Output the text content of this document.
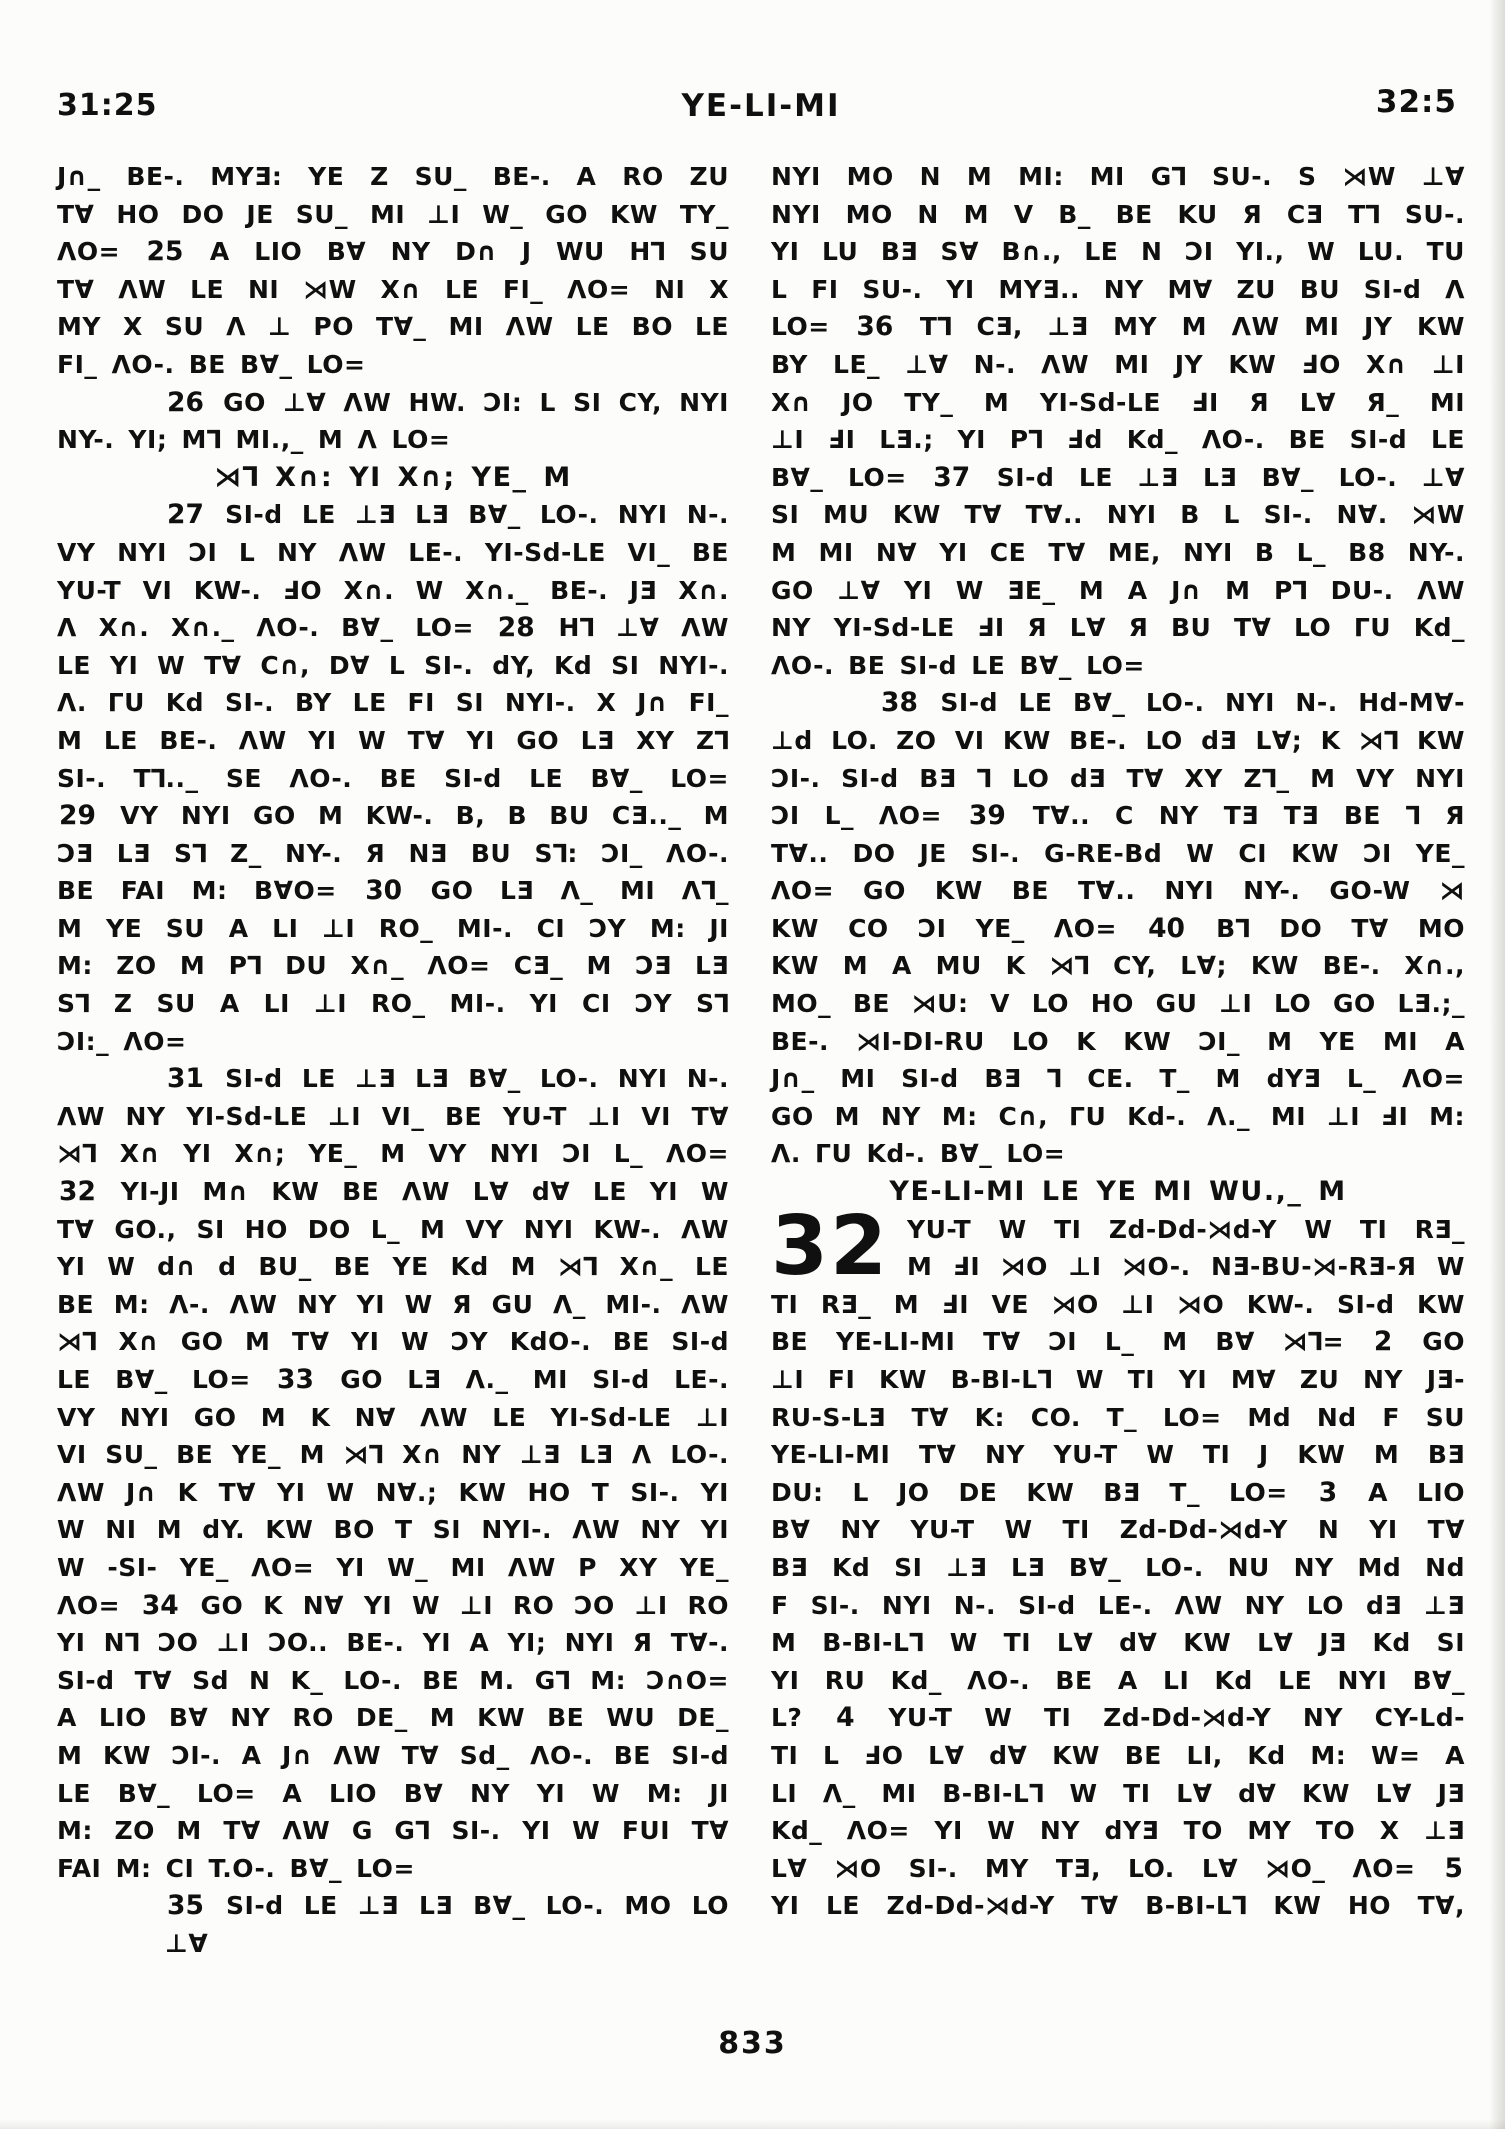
31:25	YE-LI-MI	32:5
J∩_ BE-. MYƎ: YE Z SU_ BE-. A RO ZU
T∀ HO DO JE SU_ MI ⊥I W_ GO KW TY_
ΛO= 25 A LIO B∀ NY D∩ J WU H⅂ SU
T∀ ΛW LE NI ⋊W X∩ LE FI_ ΛO= NI X
MY X SU Λ ⊥ PO T∀_ MI ΛW LE BO LE
FI_ ΛO-. BE B∀_ LO=
26 GO ⊥∀ ΛW HW. ƆI: L SI CY, NYI
NY-. YI; M⅂ MI.,_ M Λ LO=
⋊⅂ X∩: YI X∩; YE_ M
27 SI-d LE ⊥Ǝ LƎ B∀_ LO-. NYI N-.
VY NYI ƆI L NY ΛW LE-. YI-Sd-LE VI_ BE
YU-T VI KW-. ℲO X∩. W X∩._ BE-. JƎ X∩.
Λ X∩. X∩._ ΛO-. B∀_ LO= 28 H⅂ ⊥∀ ΛW
LE YI W T∀ C∩, D∀ L SI-. dY, Kd SI NYI-.
Λ. ΓU Kd SI-. BY LE FI SI NYI-. X J∩ FI_
M LE BE-. ΛW YI W T∀ YI GO LƎ XY Z⅂
SI-. T⅂.._ SE ΛO-. BE SI-d LE B∀_ LO=
29 VY NYI GO M KW-. B, B BU CƎ.._ M
ƆƎ LƎ S⅂ Z_ NY-. Я NƎ BU S⅂: ƆI_ ΛO-.
BE FAI M: B∀O= 30 GO LƎ Λ_ MI Λ⅂_
M YE SU A LI ⊥I RO_ MI-. CI ƆY M: JI
M: ZO M P⅂ DU X∩_ ΛO= CƎ_ M ƆƎ LƎ
S⅂ Z SU A LI ⊥I RO_ MI-. YI CI ƆY S⅂
ƆI:_ ΛO=
31 SI-d LE ⊥Ǝ LƎ B∀_ LO-. NYI N-.
ΛW NY YI-Sd-LE ⊥I VI_ BE YU-T ⊥I VI T∀
⋊⅂ X∩ YI X∩; YE_ M VY NYI ƆI L_ ΛO=
32 YI-JI M∩ KW BE ΛW L∀ d∀ LE YI W
T∀ GO., SI HO DO L_ M VY NYI KW-. ΛW
YI W d∩ d BU_ BE YE Kd M ⋊⅂ X∩_ LE
BE M: Λ-. ΛW NY YI W Я GU Λ_ MI-. ΛW
⋊⅂ X∩ GO M T∀ YI W ƆY KdO-. BE SI-d
LE B∀_ LO= 33 GO LƎ Λ._ MI SI-d LE-.
VY NYI GO M K N∀ ΛW LE YI-Sd-LE ⊥I
VI SU_ BE YE_ M ⋊⅂ X∩ NY ⊥Ǝ LƎ Λ LO-.
ΛW J∩ K T∀ YI W N∀.; KW HO T SI-. YI
W NI M dY. KW BO T SI NYI-. ΛW NY YI
W -SI- YE_ ΛO= YI W_ MI ΛW P XY YE_
ΛO= 34 GO K N∀ YI W ⊥I RO ƆO ⊥I RO
YI N⅂ ƆO ⊥I ƆO.. BE-. YI A YI; NYI Я T∀-.
SI-d T∀ Sd N K_ LO-. BE M. G⅂ M: Ɔ∩O=
A LIO B∀ NY RO DE_ M KW BE WU DE_
M KW ƆI-. A J∩ ΛW T∀ Sd_ ΛO-. BE SI-d
LE B∀_ LO= A LIO B∀ NY YI W M: JI
M: ZO M T∀ ΛW G G⅂ SI-. YI W FUI T∀
FAI M: CI T.O-. B∀_ LO=
35 SI-d LE ⊥Ǝ LƎ B∀_ LO-. MO LO ⊥∀
NYI MO N M MI: MI G⅂ SU-. S ⋊W ⊥∀
NYI MO N M V B_ BE KU Я CƎ T⅂ SU-.
YI LU BƎ S∀ B∩., LE N ƆI YI., W LU. TU
L FI SU-. YI MYƎ.. NY M∀ ZU BU SI-d Λ
LO= 36 T⅂ CƎ, ⊥Ǝ MY M ΛW MI JY KW
BY LE_ ⊥∀ N-. ΛW MI JY KW ℲO X∩ ⊥I
X∩ JO TY_ M YI-Sd-LE ℲI Я L∀ Я_ MI
⊥I ℲI LƎ.; YI P⅂ Ⅎd Kd_ ΛO-. BE SI-d LE
B∀_ LO= 37 SI-d LE ⊥Ǝ LƎ B∀_ LO-. ⊥∀
SI MU KW T∀ T∀.. NYI B L SI-. N∀. ⋊W
M MI N∀ YI CE T∀ ME, NYI B L_ B8 NY-.
GO ⊥∀ YI W ƎE_ M A J∩ M P⅂ DU-. ΛW
NY YI-Sd-LE ℲI Я L∀ Я BU T∀ LO ΓU Kd_
ΛO-. BE SI-d LE B∀_ LO=
38 SI-d LE B∀_ LO-. NYI N-. Hd-M∀-
⊥d LO. ZO VI KW BE-. LO dƎ L∀; K ⋊⅂ KW
ƆI-. SI-d BƎ ⅂ LO dƎ T∀ XY Z⅂_ M VY NYI
ƆI L_ ΛO= 39 T∀.. C NY TƎ TƎ BE ⅂ Я
T∀.. DO JE SI-. G-RE-Bd W CI KW ƆI YE_
ΛO= GO KW BE T∀.. NYI NY-. GO-W ⋊
KW CO ƆI YE_ ΛO= 40 B⅂ DO T∀ MO
KW M A MU K ⋊⅂ CY, L∀; KW BE-. X∩.,
MO_ BE ⋊U: V LO HO GU ⊥I LO GO LƎ.;_
BE-. ⋊I-DI-RU LO K KW ƆI_ M YE MI A
J∩_ MI SI-d BƎ ⅂ CE. T_ M dYƎ L_ ΛO=
GO M NY M: C∩, ΓU Kd-. Λ._ MI ⊥I ℲI M:
Λ. ΓU Kd-. B∀_ LO=
YE-LI-MI LE YE MI WU.,_ M
32 YU-T W TI Zd-Dd-⋊d-Y W TI RƎ_
M ℲI ⋊O ⊥I ⋊O-. NƎ-BU-⋊-RƎ-Я W
TI RƎ_ M ℲI VE ⋊O ⊥I ⋊O KW-. SI-d KW
BE YE-LI-MI T∀ ƆI L_ M B∀ ⋊⅂= 2 GO
⊥I FI KW B-BI-L⅂ W TI YI M∀ ZU NY JƎ-
RU-S-LƎ T∀ K: CO. T_ LO= Md Nd F SU
YE-LI-MI T∀ NY YU-T W TI J KW M BƎ
DU: L JO DE KW BƎ T_ LO= 3 A LIO
B∀ NY YU-T W TI Zd-Dd-⋊d-Y N YI T∀
BƎ Kd SI ⊥Ǝ LƎ B∀_ LO-. NU NY Md Nd
F SI-. NYI N-. SI-d LE-. ΛW NY LO dƎ ⊥Ǝ
M B-BI-L⅂ W TI L∀ d∀ KW L∀ JƎ Kd SI
YI RU Kd_ ΛO-. BE A LI Kd LE NYI B∀_
L? 4 YU-T W TI Zd-Dd-⋊d-Y NY CY-Ld-
TI L ℲO L∀ d∀ KW BE LI, Kd M: W= A
LI Λ_ MI B-BI-L⅂ W TI L∀ d∀ KW L∀ JƎ
Kd_ ΛO= YI W NY dYƎ TO MY TO X ⊥Ǝ
L∀ ⋊O SI-. MY TƎ, LO. L∀ ⋊O_ ΛO= 5
YI LE Zd-Dd-⋊d-Y T∀ B-BI-L⅂ KW HO T∀,
833
